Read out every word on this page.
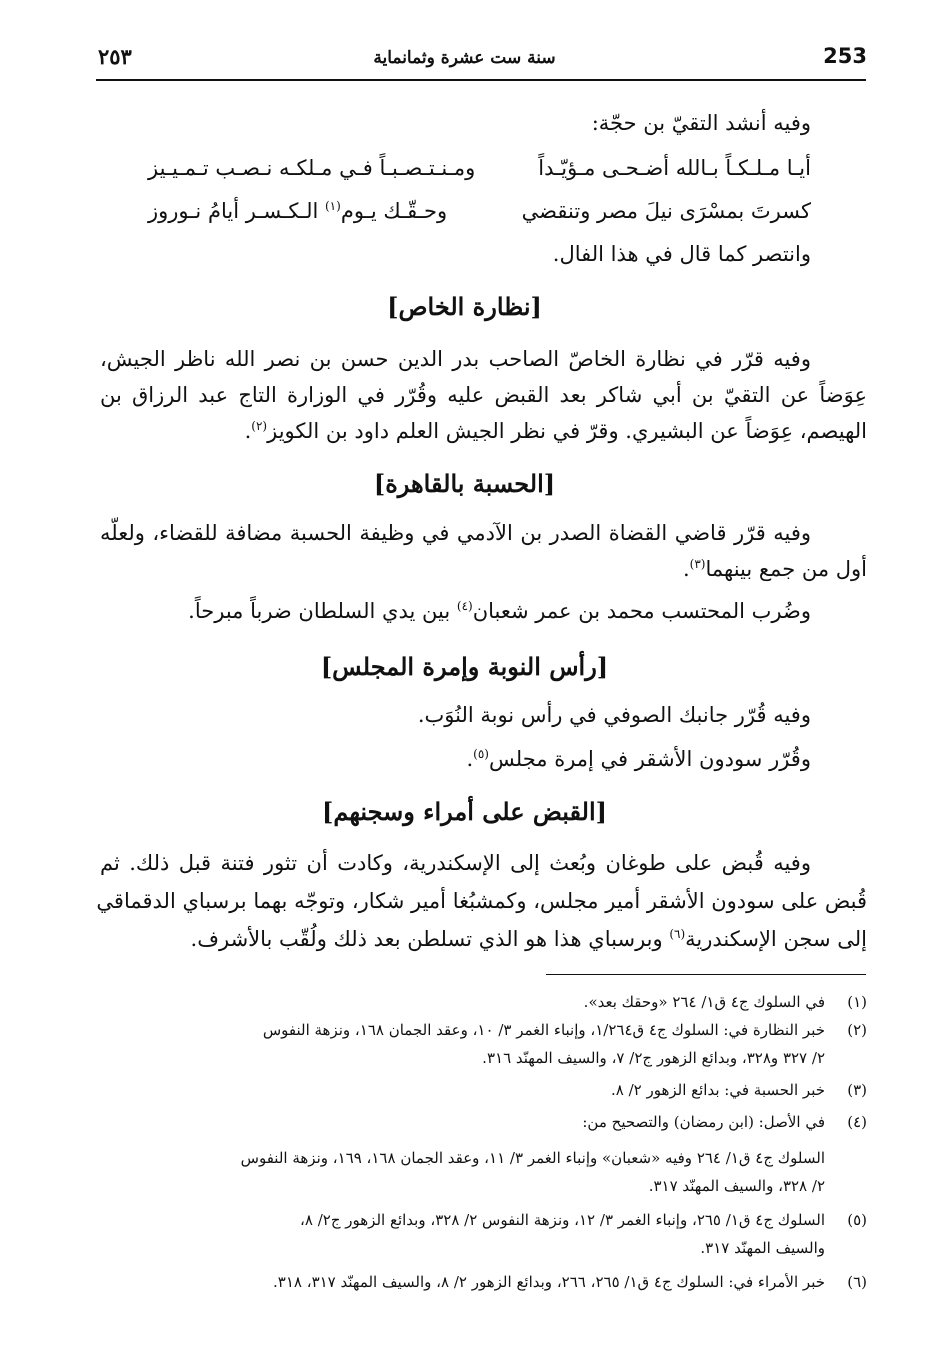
253
سنة ست عشرة وثمانماية
٢٥٣
وفيه أنشد التقيّ بن حجّة:
أيـا مـلـكـاً بـالله أضـحـى مـؤيّـداً
ومـنـتـصـبـاً فـي مـلكـه نـصـب تـمـيـيز
كسرتَ بمسْرَى نيلَ مصر وتنقضي
وحـقّـك يـوم$^{(١)}$ الـكـسـر أيامُ نـوروز
وانتصر كما قال في هذا الفال.
[نظارة الخاص]
وفيه قرّر في نظارة الخاصّ الصاحب بدر الدين حسن بن نصر الله ناظر الجيش،
عِوَضاً عن التقيّ بن أبي شاكر بعد القبض عليه وقُرّر في الوزارة التاج عبد الرزاق بن
الهيصم، عِوَضاً عن البشيري. وقرّ في نظر الجيش العلم داود بن الكويز$^{(٢)}$.
[الحسبة بالقاهرة]
وفيه قرّر قاضي القضاة الصدر بن الآدمي في وظيفة الحسبة مضافة للقضاء، ولعلّه
أول من جمع بينهما$^{(٣)}$.
وضُرب المحتسب محمد بن عمر شعبان$^{(٤)}$ بين يدي السلطان ضرباً مبرحاً.
[رأس النوبة وإمرة المجلس]
وفيه قُرّر جانبك الصوفي في رأس نوبة النُوَب.
وقُرّر سودون الأشقر في إمرة مجلس$^{(٥)}$.
[القبض على أمراء وسجنهم]
وفيه قُبض على طوغان وبُعث إلى الإسكندرية، وكادت أن تثور فتنة قبل ذلك. ثم
قُبض على سودون الأشقر أمير مجلس، وكمشبُغا أمير شكار، وتوجّه بهما برسباي الدقماقي
إلى سجن الإسكندرية$^{(٦)}$ وبرسباي هذا هو الذي تسلطن بعد ذلك ولُقّب بالأشرف.
(١)
في السلوك ج٤ ق١/ ٢٦٤ «وحقك بعد».
(٢)
خبر النظارة في: السلوك ج٤ ق١/٢٦٤، وإنباء الغمر ٣/ ١٠، وعقد الجمان ١٦٨، ونزهة النفوس
٢/ ٣٢٧ و٣٢٨، وبدائع الزهور ج٢/ ٧، والسيف المهنّد ٣١٦.
(٣)
خبر الحسبة في: بدائع الزهور ٢/ ٨.
(٤)
في الأصل: (ابن رمضان) والتصحيح من:
السلوك ج٤ ق١/ ٢٦٤ وفيه «شعبان» وإنباء الغمر ٣/ ١١، وعقد الجمان ١٦٨، ١٦٩، ونزهة النفوس
٢/ ٣٢٨، والسيف المهنّد ٣١٧.
(٥)
السلوك ج٤ ق١/ ٢٦٥، وإنباء الغمر ٣/ ١٢، ونزهة النفوس ٢/ ٣٢٨، وبدائع الزهور ج٢/ ٨،
والسيف المهنّد ٣١٧.
(٦)
خبر الأمراء في: السلوك ج٤ ق١/ ٢٦٥، ٢٦٦، وبدائع الزهور ٢/ ٨، والسيف المهنّد ٣١٧، ٣١٨.
